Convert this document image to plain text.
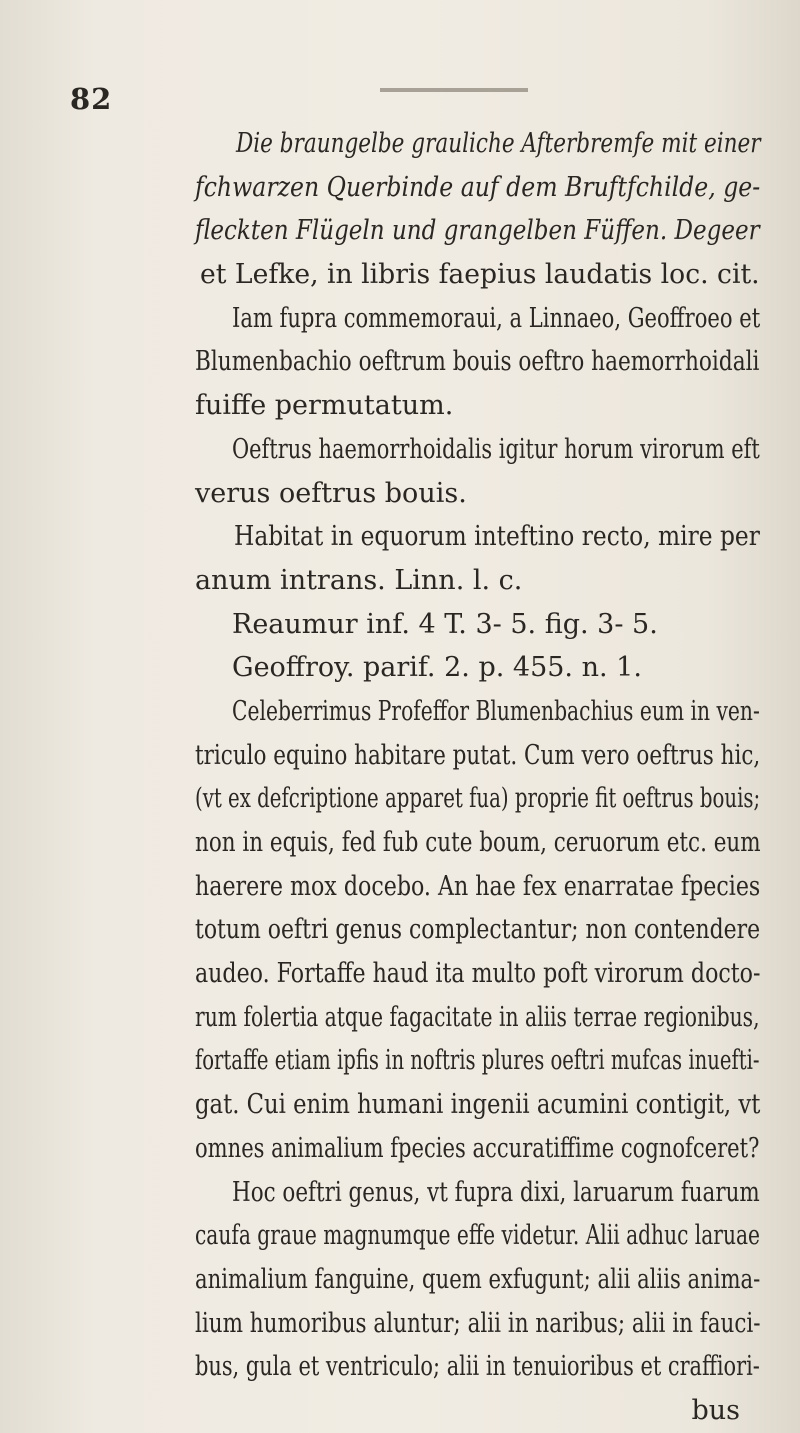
82
Die braungelbe grauliche Afterbremfe mit einer
fchwarzen Querbinde auf dem Bruftfchilde, ge-
fleckten Flügeln und grangelben Füffen. Degeer
et Lefke, in libris faepius laudatis loc. cit.
Iam fupra commemoraui, a Linnaeo, Geoffroeo et
Blumenbachio oeftrum bouis oeftro haemorrhoidali
fuiffe permutatum.
Oeftrus haemorrhoidalis igitur horum virorum eft
verus oeftrus bouis.
Habitat in equorum inteftino recto, mire per
anum intrans. Linn. l. c.
Reaumur inf. 4 T. 3- 5. fig. 3- 5.
Geoffroy. parif. 2. p. 455. n. 1.
Celeberrimus Profeffor Blumenbachius eum in ven-
triculo equino habitare putat. Cum vero oeftrus hic,
(vt ex defcriptione apparet fua) proprie fit oeftrus bouis;
non in equis, fed fub cute boum, ceruorum etc. eum
haerere mox docebo. An hae fex enarratae fpecies
totum oeftri genus complectantur; non contendere
audeo. Fortaffe haud ita multo poft virorum docto-
rum folertia atque fagacitate in aliis terrae regionibus,
fortaffe etiam ipfis in noftris plures oeftri mufcas inuefti-
gat. Cui enim humani ingenii acumini contigit, vt
omnes animalium fpecies accuratiffime cognofceret?
Hoc oeftri genus, vt fupra dixi, laruarum fuarum
caufa graue magnumque effe videtur. Alii adhuc laruae
animalium fanguine, quem exfugunt; alii aliis anima-
lium humoribus aluntur; alii in naribus; alii in fauci-
bus, gula et ventriculo; alii in tenuioribus et craffiori-
bus
